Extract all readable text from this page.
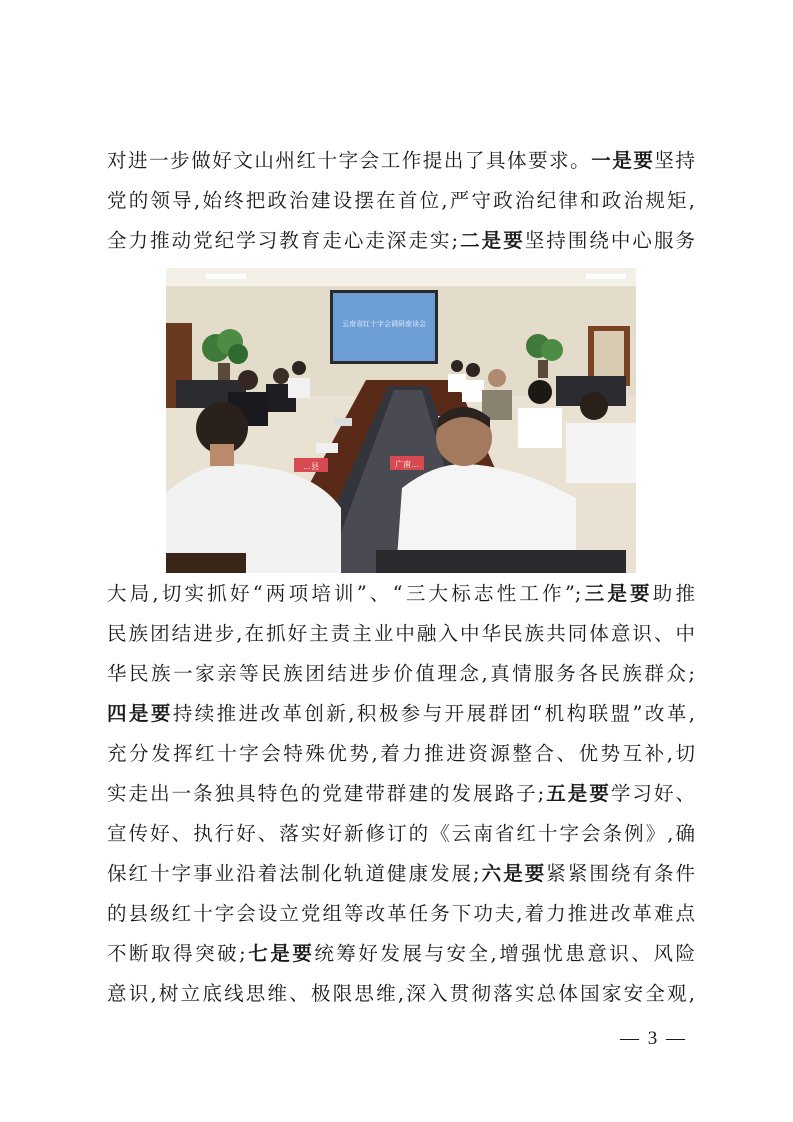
对进一步做好文山州红十字会工作提出了具体要求。一是要坚持
党的领导,始终把政治建设摆在首位,严守政治纪律和政治规矩,
全力推动党纪学习教育走心走深走实;二是要坚持围绕中心服务
云南省红十字会调研座谈会
…县	广南…
大局,切实抓好“两项培训”、“三大标志性工作”;三是要助推
民族团结进步,在抓好主责主业中融入中华民族共同体意识、中
华民族一家亲等民族团结进步价值理念,真情服务各民族群众;
四是要持续推进改革创新,积极参与开展群团“机构联盟”改革,
充分发挥红十字会特殊优势,着力推进资源整合、优势互补,切
实走出一条独具特色的党建带群建的发展路子;五是要学习好、
宣传好、执行好、落实好新修订的《云南省红十字会条例》,确
保红十字事业沿着法制化轨道健康发展;六是要紧紧围绕有条件
的县级红十字会设立党组等改革任务下功夫,着力推进改革难点
不断取得突破;七是要统筹好发展与安全,增强忧患意识、风险
意识,树立底线思维、极限思维,深入贯彻落实总体国家安全观,
— 3 —
